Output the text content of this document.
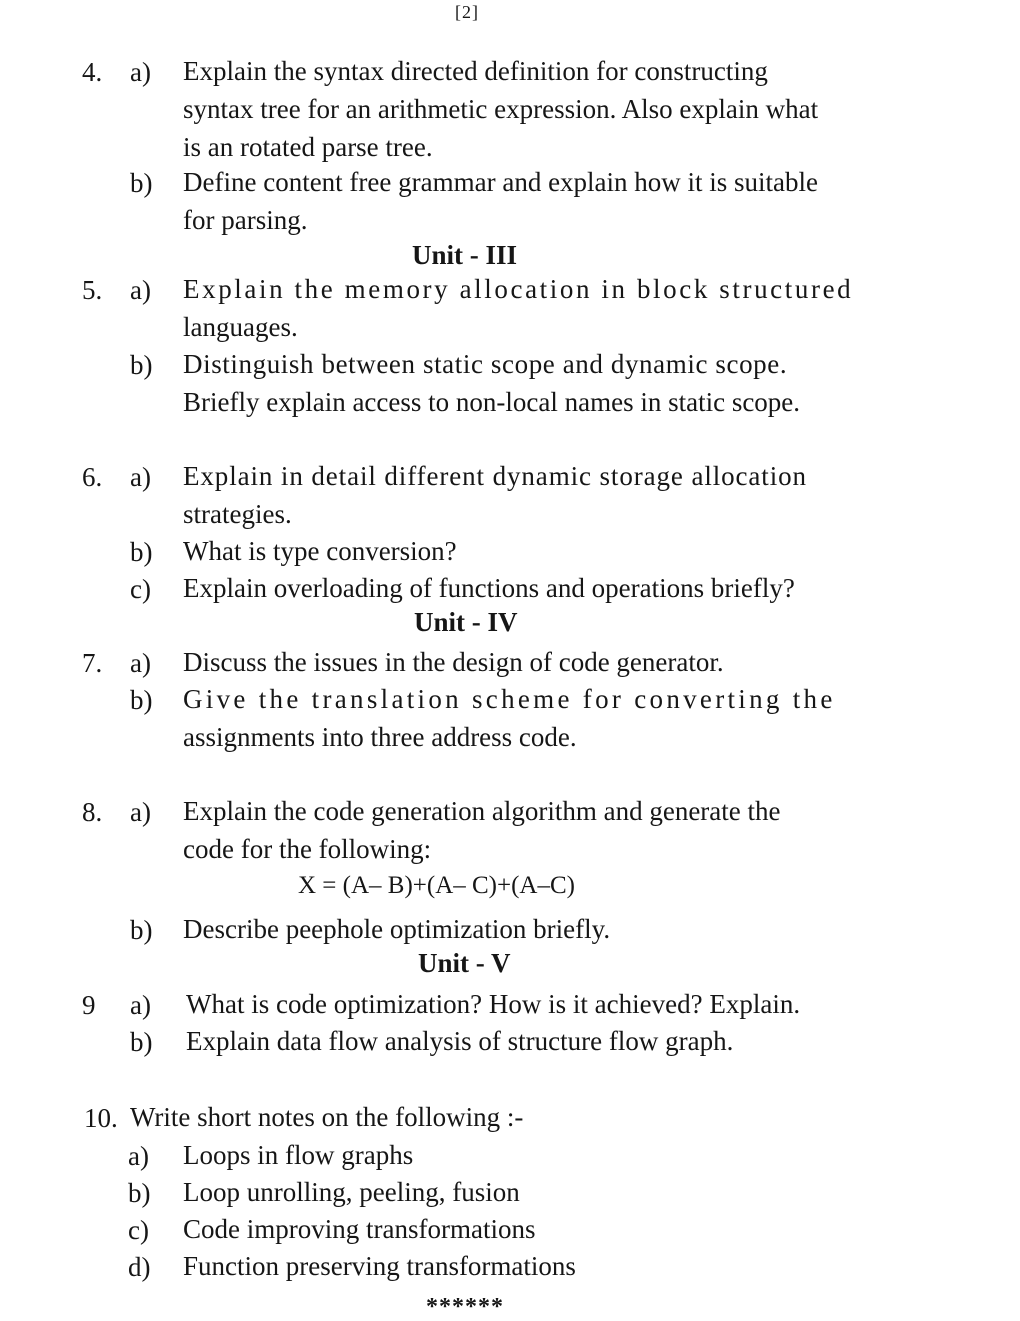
[2]
4. a) Explain the syntax directed definition for constructing
syntax tree for an arithmetic expression. Also explain what
is an rotated parse tree.
b) Define content free grammar and explain how it is suitable
for parsing.
Unit - III
5. a) Explain the memory allocation in block structured
languages.
b) Distinguish between static scope and dynamic scope.
Briefly explain access to non-local names in static scope.
6. a) Explain in detail different dynamic storage allocation
strategies.
b) What is type conversion?
c) Explain overloading of functions and operations briefly?
Unit - IV
7. a) Discuss the issues in the design of code generator.
b) Give the translation scheme for converting the
assignments into three address code.
8. a) Explain the code generation algorithm and generate the
code for the following:
X = (A– B)+(A– C)+(A–C)
b) Describe peephole optimization briefly.
Unit - V
9 a) What is code optimization? How is it achieved? Explain.
b) Explain data flow analysis of structure flow graph.
10. Write short notes on the following :-
a) Loops in flow graphs
b) Loop unrolling, peeling, fusion
c) Code improving transformations
d) Function preserving transformations
******
